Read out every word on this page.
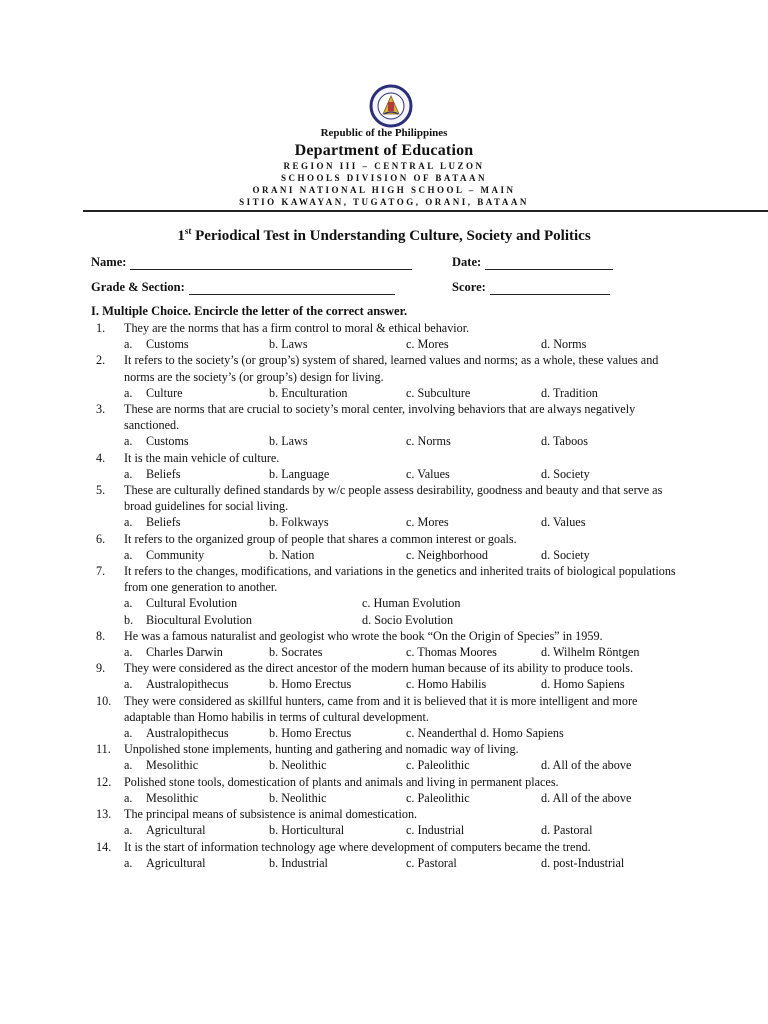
Republic of the Philippines
Department of Education
REGION III – CENTRAL LUZON
SCHOOLS DIVISION OF BATAAN
ORANI NATIONAL HIGH SCHOOL – MAIN
SITIO KAWAYAN, TUGATOG, ORANI, BATAAN
1st Periodical Test in Understanding Culture, Society and Politics
Name:	Date:
Grade & Section:	Score:
I. Multiple Choice. Encircle the letter of the correct answer.
1.	They are the norms that has a firm control to moral & ethical behavior.
a. Customs	b. Laws	c. Mores	d. Norms
2.	It refers to the society’s (or group’s) system of shared, learned values and norms; as a whole, these values and norms are the society’s (or group’s) design for living.
a. Culture	b. Enculturation	c. Subculture	d. Tradition
3.	These are norms that are crucial to society’s moral center, involving behaviors that are always negatively sanctioned.
a. Customs	b. Laws	c. Norms	d. Taboos
4.	It is the main vehicle of culture.
a. Beliefs	b. Language	c. Values	d. Society
5.	These are culturally defined standards by w/c people assess desirability, goodness and beauty and that serve as broad guidelines for social living.
a. Beliefs	b. Folkways	c. Mores	d. Values
6.	It refers to the organized group of people that shares a common interest or goals.
a. Community	b. Nation	c. Neighborhood	d. Society
7.	It refers to the changes, modifications, and variations in the genetics and inherited traits of biological populations from one generation to another.
a. Cultural Evolution	c. Human Evolution
b. Biocultural Evolution	d. Socio Evolution
8.	He was a famous naturalist and geologist who wrote the book “On the Origin of Species” in 1959.
a. Charles Darwin	b. Socrates	c. Thomas Moores	d. Wilhelm Röntgen
9.	They were considered as the direct ancestor of the modern human because of its ability to produce tools.
a. Australopithecus	b. Homo Erectus	c. Homo Habilis	d. Homo Sapiens
10.	They were considered as skillful hunters, came from and it is believed that it is more intelligent and more adaptable than Homo habilis in terms of cultural development.
a. Australopithecus	b. Homo Erectus	c. Neanderthal d. Homo Sapiens
11.	Unpolished stone implements, hunting and gathering and nomadic way of living.
a. Mesolithic	b. Neolithic	c. Paleolithic	d. All of the above
12.	Polished stone tools, domestication of plants and animals and living in permanent places.
a. Mesolithic	b. Neolithic	c. Paleolithic	d. All of the above
13.	The principal means of subsistence is animal domestication.
a. Agricultural	b. Horticultural	c. Industrial	d. Pastoral
14.	It is the start of information technology age where development of computers became the trend.
a. Agricultural	b. Industrial	c. Pastoral	d. post-Industrial
